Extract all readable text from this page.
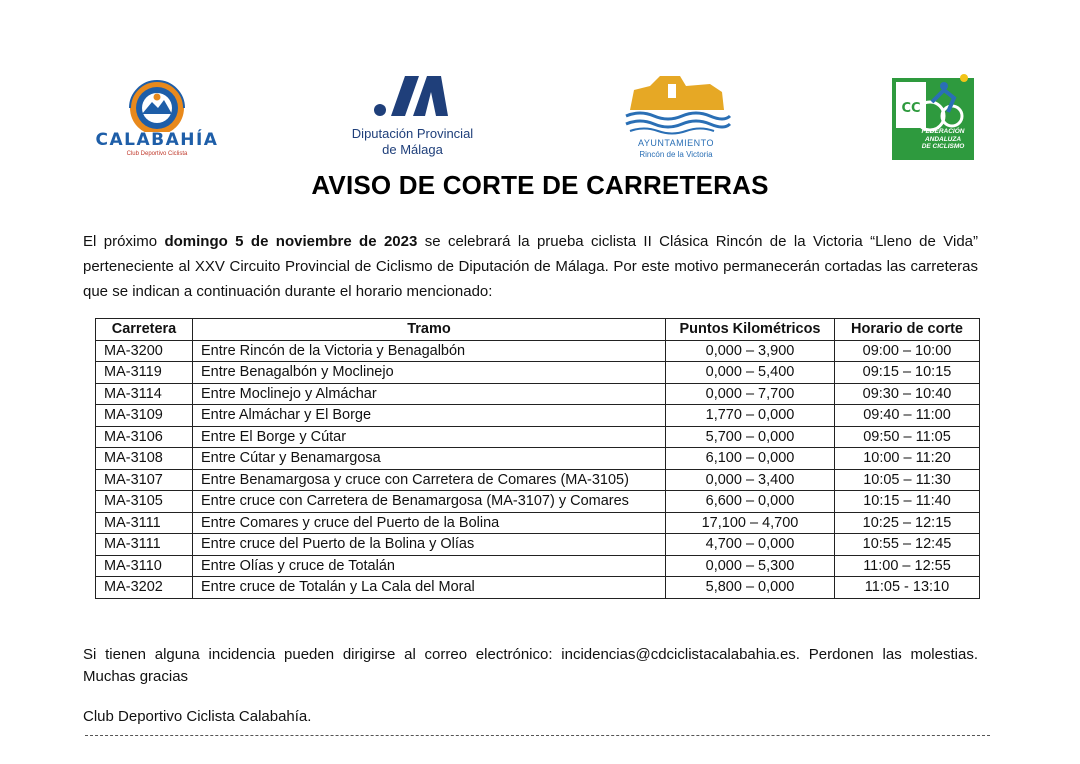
CALABAHÍA
Club Deportivo Ciclista
Diputación Provincial
de Málaga	AYUNTAMIENTO
Rincón de la Victoria
CC
FEDERACIÓN
ANDALUZA
DE CICLISMO
AVISO DE CORTE DE CARRETERAS
El próximo domingo 5 de noviembre de 2023 se celebrará la prueba ciclista II Clásica Rincón de la Victoria “Lleno de Vida” perteneciente al XXV Circuito Provincial de Ciclismo de Diputación de Málaga. Por este motivo permanecerán cortadas las carreteras que se indican a continuación durante el horario mencionado:
Carretera	Tramo	Puntos Kilométricos	Horario de corte
MA-3200	Entre Rincón de la Victoria y Benagalbón	0,000 – 3,900	09:00 – 10:00
MA-3119	Entre Benagalbón y Moclinejo	0,000 – 5,400	09:15 – 10:15
MA-3114	Entre Moclinejo y Almáchar	0,000 – 7,700	09:30 – 10:40
MA-3109	Entre Almáchar y El Borge	1,770 – 0,000	09:40 – 11:00
MA-3106	Entre El Borge y Cútar	5,700 – 0,000	09:50 – 11:05
MA-3108	Entre Cútar y Benamargosa	6,100 – 0,000	10:00 – 11:20
MA-3107	Entre Benamargosa y cruce con Carretera de Comares (MA-3105)	0,000 – 3,400	10:05 – 11:30
MA-3105	Entre cruce con Carretera de Benamargosa (MA-3107) y Comares	6,600 – 0,000	10:15 – 11:40
MA-3111	Entre Comares y cruce del Puerto de la Bolina	17,100 – 4,700	10:25 – 12:15
MA-3111	Entre cruce del Puerto de la Bolina y Olías	4,700 – 0,000	10:55 – 12:45
MA-3110	Entre Olías y cruce de Totalán	0,000 – 5,300	11:00 – 12:55
MA-3202	Entre cruce de Totalán y La Cala del Moral	5,800 – 0,000	11:05 - 13:10
Si tienen alguna incidencia pueden dirigirse al correo electrónico: incidencias@cdciclistacalabahia.es. Perdonen las molestias. Muchas gracias
Club Deportivo Ciclista Calabahía.
